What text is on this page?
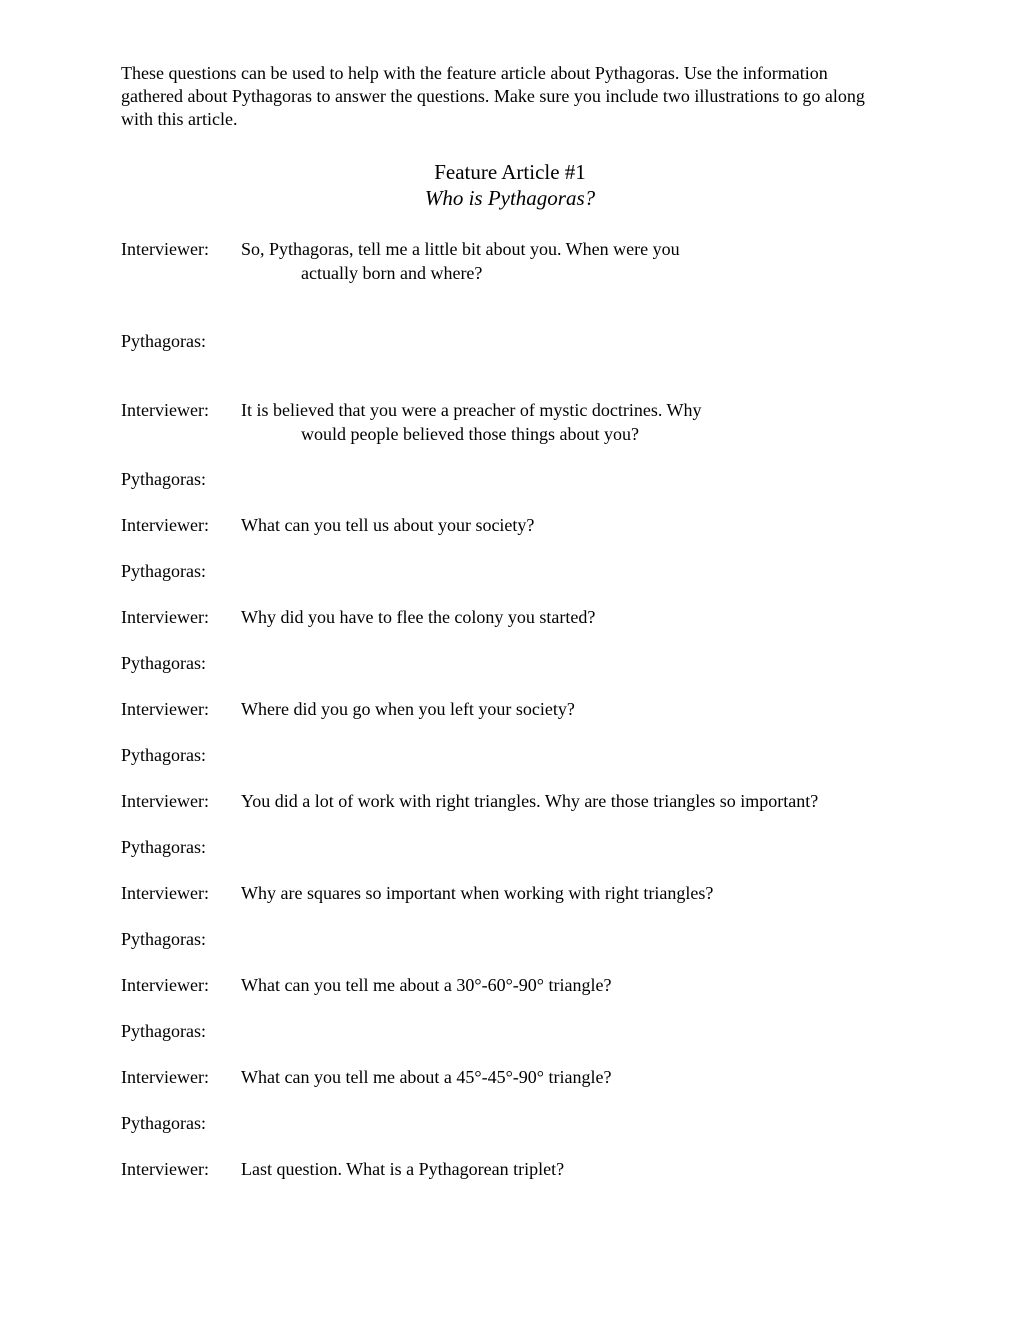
These questions can be used to help with the feature article about Pythagoras. Use the information gathered about Pythagoras to answer the questions. Make sure you include two illustrations to go along with this article.

Feature Article #1
Who is Pythagoras?
Interviewer: So, Pythagoras, tell me a little bit about you. When were you
actually born and where?
Pythagoras:
Interviewer: It is believed that you were a preacher of mystic doctrines. Why
would people believed those things about you?
Pythagoras:
Interviewer: What can you tell us about your society?
Pythagoras:
Interviewer: Why did you have to flee the colony you started?
Pythagoras:
Interviewer: Where did you go when you left your society?
Pythagoras:
Interviewer: You did a lot of work with right triangles. Why are those triangles so important?
Pythagoras:
Interviewer: Why are squares so important when working with right triangles?
Pythagoras:
Interviewer: What can you tell me about a 30°-60°-90° triangle?
Pythagoras:
Interviewer: What can you tell me about a 45°-45°-90° triangle?
Pythagoras:
Interviewer: Last question. What is a Pythagorean triplet?
